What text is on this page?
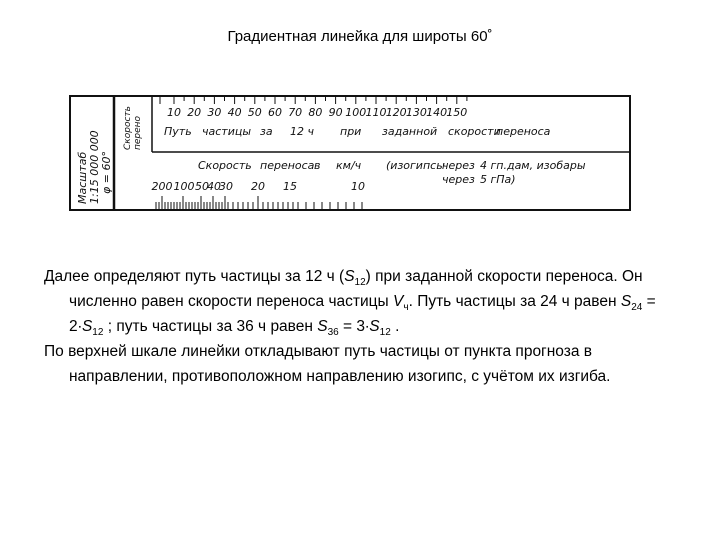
Градиентная линейка для широты 60˚
Масштаб 1:15 000 000 φ = 60°
Скорость перено
10 20 30 40 50 60 70 80 90 100 110 120 130 140 150
Путь частицы за 12 ч при заданной скорости
переноса
Скорость переноса в км/ч (изогипсы
через 4 гп.дам, изобары
через 5 гПа)
200 100 50
40
30 20 15	10

Далее определяют путь частицы за 12 ч $(S_{12})$ при заданной скорости переноса. Он численно равен скорости переноса частицы $V_ч$. Путь частицы за 24 ч равен $S_{24} = 2\cdot S_{12}$ ; путь частицы за 36 ч равен $S_{36} = 3\cdot S_{12}$ .

По верхней шкале линейки откладывают путь частицы от пункта прогноза в направлении, противоположном направлению изогипс, с учётом их изгиба.
